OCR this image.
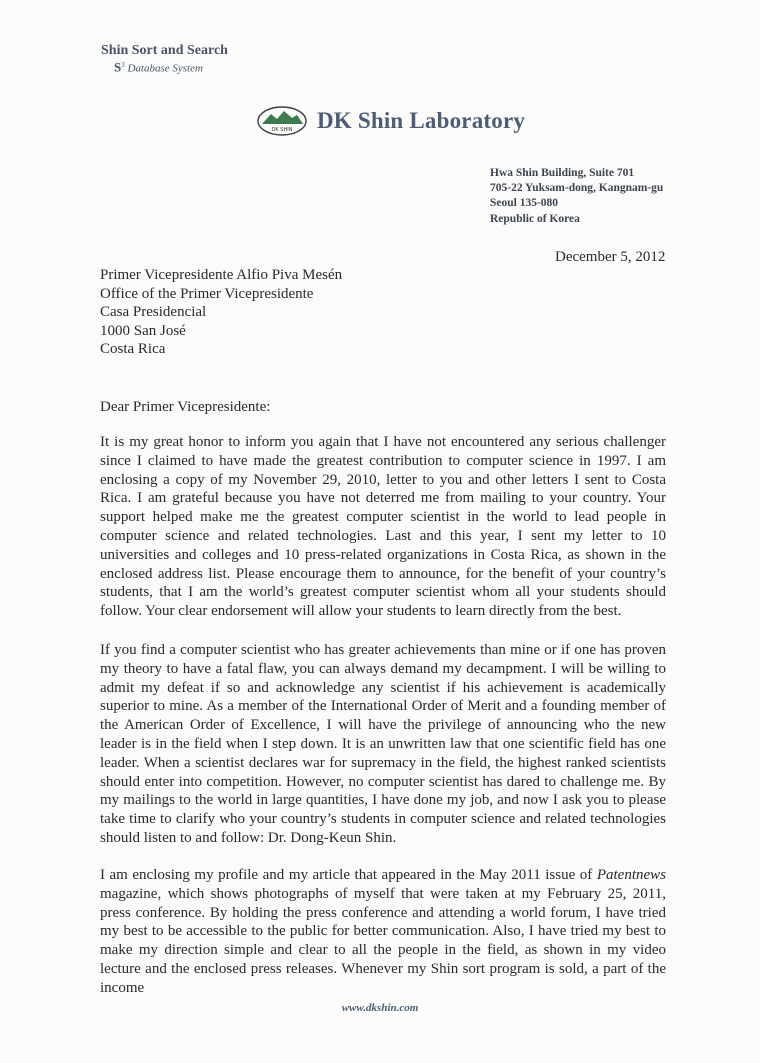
Shin Sort and Search
$S^3$ Database System
DK SHIN DK Shin Laboratory
Hwa Shin Building, Suite 701
705-22 Yuksam-dong, Kangnam-gu
Seoul 135-080
Republic of Korea
December 5, 2012
Primer Vicepresidente Alfio Piva Mesén
Office of the Primer Vicepresidente
Casa Presidencial
1000 San José
Costa Rica
Dear Primer Vicepresidente:

It is my great honor to inform you again that I have not encountered any serious challenger since I claimed to have made the greatest contribution to computer science in 1997. I am enclosing a copy of my November 29, 2010, letter to you and other letters I sent to Costa Rica. I am grateful because you have not deterred me from mailing to your country. Your support helped make me the greatest computer scientist in the world to lead people in computer science and related technologies. Last and this year, I sent my letter to 10 universities and colleges and 10 press-related organizations in Costa Rica, as shown in the enclosed address list. Please encourage them to announce, for the benefit of your country’s students, that I am the world’s greatest computer scientist whom all your students should follow. Your clear endorsement will allow your students to learn directly from the best.

If you find a computer scientist who has greater achievements than mine or if one has proven my theory to have a fatal flaw, you can always demand my decampment. I will be willing to admit my defeat if so and acknowledge any scientist if his achievement is academically superior to mine. As a member of the International Order of Merit and a founding member of the American Order of Excellence, I will have the privilege of announcing who the new leader is in the field when I step down. It is an unwritten law that one scientific field has one leader. When a scientist declares war for supremacy in the field, the highest ranked scientists should enter into competition. However, no computer scientist has dared to challenge me. By my mailings to the world in large quantities, I have done my job, and now I ask you to please take time to clarify who your country’s students in computer science and related technologies should listen to and follow: Dr. Dong-Keun Shin.

I am enclosing my profile and my article that appeared in the May 2011 issue of Patentnews magazine, which shows photographs of myself that were taken at my February 25, 2011, press conference. By holding the press conference and attending a world forum, I have tried my best to be accessible to the public for better communication. Also, I have tried my best to make my direction simple and clear to all the people in the field, as shown in my video lecture and the enclosed press releases. Whenever my Shin sort program is sold, a part of the income

www.dkshin.com
